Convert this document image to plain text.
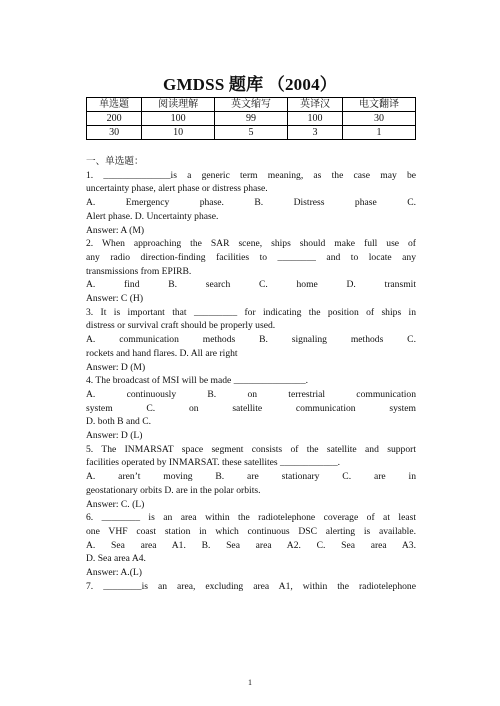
GMDSS 题库 （2004）
单选题	阅读理解	英文缩写	英译汉	电文翻译
200	100	99	100	30
30	10	5	3	1
一、单选题：
1. ______________is a generic term meaning, as the case may be
uncertainty phase, alert phase or distress phase.
A. Emergency phase. B. Distress phase C.
Alert phase. D. Uncertainty phase.
Answer: A (M)
2. When approaching the SAR scene, ships should make full use of
any radio direction-finding facilities to ________ and to locate any
transmissions from EPIRB.
A. find B. search C. home D. transmit
Answer: C (H)
3. It is important that _________ for indicating the position of ships in
distress or survival craft should be properly used.
A. communication methods B. signaling methods C.
rockets and hand flares. D. All are right
Answer: D (M)
4. The broadcast of MSI will be made _______________.
A. continuously B. on terrestrial communication
system C. on satellite communication system
D. both B and C.
Answer: D (L)
5. The INMARSAT space segment consists of the satellite and support
facilities operated by INMARSAT. these satellites ____________.
A. aren’t moving B. are stationary C. are in
geostationary orbits D. are in the polar orbits.
Answer: C. (L)
6. ________ is an area within the radiotelephone coverage of at least
one VHF coast station in which continuous DSC alerting is available.
A. Sea area A1. B. Sea area A2. C. Sea area A3.
D. Sea area A4.
Answer: A.(L)
7. ________is an area, excluding area A1, within the radiotelephone
1
